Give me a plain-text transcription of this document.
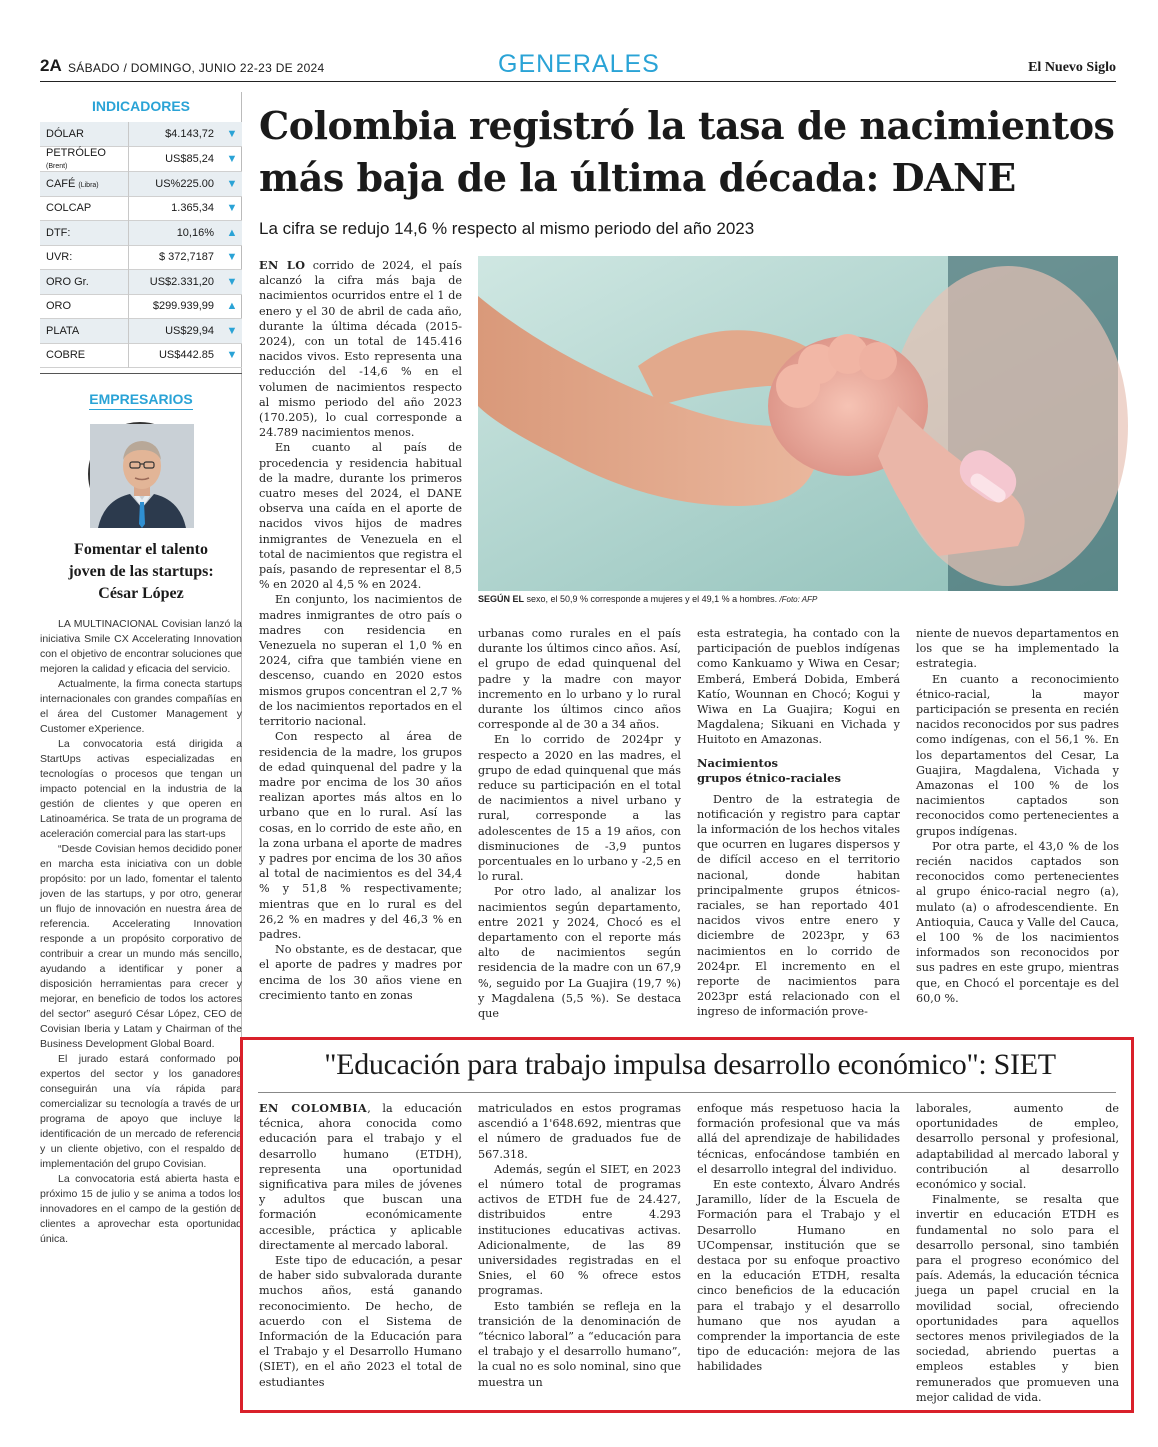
2A SÁBADO / DOMINGO, JUNIO 22-23 DE 2024	GENERALES	El Nuevo Siglo
INDICADORES
DÓLAR	$4.143,72	▼
PETRÓLEO (Brent)	US$85,24	▼
CAFÉ (Libra)	US%225.00	▼
COLCAP	1.365,34	▼
DTF:	10,16%	▲
UVR:	$ 372,7187	▼
ORO Gr.	US$2.331,20	▼
ORO	$299.939,99	▲
PLATA	US$29,94	▼
COBRE	US$442.85	▼
EMPRESARIOS
Fomentar el talento
joven de las startups:
César López

LA MULTINACIONAL Covisian lanzó la iniciativa Smile CX Accelerating Innovation con el objetivo de encontrar soluciones que mejoren la calidad y eficacia del servicio.

Actualmente, la firma conecta startups internacionales con grandes compañías en el área del Customer Management y Customer eXperience.

La convocatoria está dirigida a StartUps activas especializadas en tecnologías o procesos que tengan un impacto potencial en la industria de la gestión de clientes y que operen en Latinoamérica. Se trata de un programa de aceleración comercial para las start-ups

“Desde Covisian hemos decidido poner en marcha esta iniciativa con un doble propósito: por un lado, fomentar el talento joven de las startups, y por otro, generar un flujo de innovación en nuestra área de referencia. Accelerating Innovation responde a un propósito corporativo de contribuir a crear un mundo más sencillo, ayudando a identificar y poner a disposición herramientas para crecer y mejorar, en beneficio de todos los actores del sector” aseguró César López, CEO de Covisian Iberia y Latam y Chairman of the Business Development Global Board.

El jurado estará conformado por expertos del sector y los ganadores conseguirán una vía rápida para comercializar su tecnología a través de un programa de apoyo que incluye la identificación de un mercado de referencia y un cliente objetivo, con el respaldo de implementación del grupo Covisian.

La convocatoria está abierta hasta el próximo 15 de julio y se anima a todos los innovadores en el campo de la gestión de clientes a aprovechar esta oportunidad única.

Colombia registró la tasa de nacimientos más baja de la última década: DANE
La cifra se redujo 14,6 % respecto al mismo periodo del año 2023

EN LO corrido de 2024, el país alcanzó la cifra más baja de nacimientos ocurridos entre el 1 de enero y el 30 de abril de cada año, durante la última década (2015-2024), con un total de 145.416 nacidos vivos. Esto representa una reducción del -14,6 % en el volumen de nacimientos respecto al mismo periodo del año 2023 (170.205), lo cual corresponde a 24.789 nacimientos menos.

En cuanto al país de procedencia y residencia habitual de la madre, durante los primeros cuatro meses del 2024, el DANE observa una caída en el aporte de nacidos vivos hijos de madres inmigrantes de Venezuela en el total de nacimientos que registra el país, pasando de representar el 8,5 % en 2020 al 4,5 % en 2024.

En conjunto, los nacimientos de madres inmigrantes de otro país o madres con residencia en Venezuela no superan el 1,0 % en 2024, cifra que también viene en descenso, cuando en 2020 estos mismos grupos concentran el 2,7 % de los nacimientos reportados en el territorio nacional.

Con respecto al área de residencia de la madre, los grupos de edad quinquenal del padre y la madre por encima de los 30 años realizan aportes más altos en lo urbano que en lo rural. Así las cosas, en lo corrido de este año, en la zona urbana el aporte de madres y padres por encima de los 30 años al total de nacimientos es del 34,4 % y 51,8 % respectivamente; mientras que en lo rural es del 26,2 % en madres y del 46,3 % en padres.

No obstante, es de destacar, que el aporte de padres y madres por encima de los 30 años viene en crecimiento tanto en zonas

SEGÚN EL sexo, el 50,9 % corresponde a mujeres y el 49,1 % a hombres. /Foto: AFP

urbanas como rurales en el país durante los últimos cinco años. Así, el grupo de edad quinquenal del padre y la madre con mayor incremento en lo urbano y lo rural durante los últimos cinco años corresponde al de 30 a 34 años.

En lo corrido de 2024pr y respecto a 2020 en las madres, el grupo de edad quinquenal que más reduce su participación en el total de nacimientos a nivel urbano y rural, corresponde a las adolescentes de 15 a 19 años, con disminuciones de -3,9 puntos porcentuales en lo urbano y -2,5 en lo rural.

Por otro lado, al analizar los nacimientos según departamento, entre 2021 y 2024, Chocó es el departamento con el reporte más alto de nacimientos según residencia de la madre con un 67,9 %, seguido por La Guajira (19,7 %) y Magdalena (5,5 %). Se destaca que

esta estrategia, ha contado con la participación de pueblos indígenas como Kankuamo y Wiwa en Cesar; Emberá, Emberá Dobida, Emberá Katío, Wounnan en Chocó; Kogui y Wiwa en La Guajira; Kogui en Magdalena; Sikuani en Vichada y Huitoto en Amazonas.

Nacimientos
grupos étnico-raciales

Dentro de la estrategia de notificación y registro para captar la información de los hechos vitales que ocurren en lugares dispersos y de difícil acceso en el territorio nacional, donde habitan principalmente grupos étnicos-raciales, se han reportado 401 nacidos vivos entre enero y diciembre de 2023pr, y 63 nacimientos en lo corrido de 2024pr. El incremento en el reporte de nacimientos para 2023pr está relacionado con el ingreso de información prove-

niente de nuevos departamentos en los que se ha implementado la estrategia.

En cuanto a reconocimiento étnico-racial, la mayor participación se presenta en recién nacidos reconocidos por sus padres como indígenas, con el 56,1 %. En los departamentos del Cesar, La Guajira, Magdalena, Vichada y Amazonas el 100 % de los nacimientos captados son reconocidos como pertenecientes a grupos indígenas.

Por otra parte, el 43,0 % de los recién nacidos captados son reconocidos como pertenecientes al grupo énico-racial negro (a), mulato (a) o afrodescendiente. En Antioquia, Cauca y Valle del Cauca, el 100 % de los nacimientos informados son reconocidos por sus padres en este grupo, mientras que, en Chocó el porcentaje es del 60,0 %.

"Educación para trabajo impulsa desarrollo económico": SIET

EN COLOMBIA, la educación técnica, ahora conocida como educación para el trabajo y el desarrollo humano (ETDH), representa una oportunidad significativa para miles de jóvenes y adultos que buscan una formación económicamente accesible, práctica y aplicable directamente al mercado laboral.

Este tipo de educación, a pesar de haber sido subvalorada durante muchos años, está ganando reconocimiento. De hecho, de acuerdo con el Sistema de Información de la Educación para el Trabajo y el Desarrollo Humano (SIET), en el año 2023 el total de estudiantes

matriculados en estos programas ascendió a 1'648.692, mientras que el número de graduados fue de 567.318.

Además, según el SIET, en 2023 el número total de programas activos de ETDH fue de 24.427, distribuidos entre 4.293 instituciones educativas activas. Adicionalmente, de las 89 universidades registradas en el Snies, el 60 % ofrece estos programas.

Esto también se refleja en la transición de la denominación de “técnico laboral” a “educación para el trabajo y el desarrollo humano”, la cual no es solo nominal, sino que muestra un

enfoque más respetuoso hacia la formación profesional que va más allá del aprendizaje de habilidades técnicas, enfocándose también en el desarrollo integral del individuo.

En este contexto, Álvaro Andrés Jaramillo, líder de la Escuela de Formación para el Trabajo y el Desarrollo Humano en UCompensar, institución que se destaca por su enfoque proactivo en la educación ETDH, resalta cinco beneficios de la educación para el trabajo y el desarrollo humano que nos ayudan a comprender la importancia de este tipo de educación: mejora de las habilidades

laborales, aumento de oportunidades de empleo, desarrollo personal y profesional, adaptabilidad al mercado laboral y contribución al desarrollo económico y social.

Finalmente, se resalta que invertir en educación ETDH es fundamental no solo para el desarrollo personal, sino también para el progreso económico del país. Además, la educación técnica juega un papel crucial en la movilidad social, ofreciendo oportunidades para aquellos sectores menos privilegiados de la sociedad, abriendo puertas a empleos estables y bien remunerados que promueven una mejor calidad de vida.
